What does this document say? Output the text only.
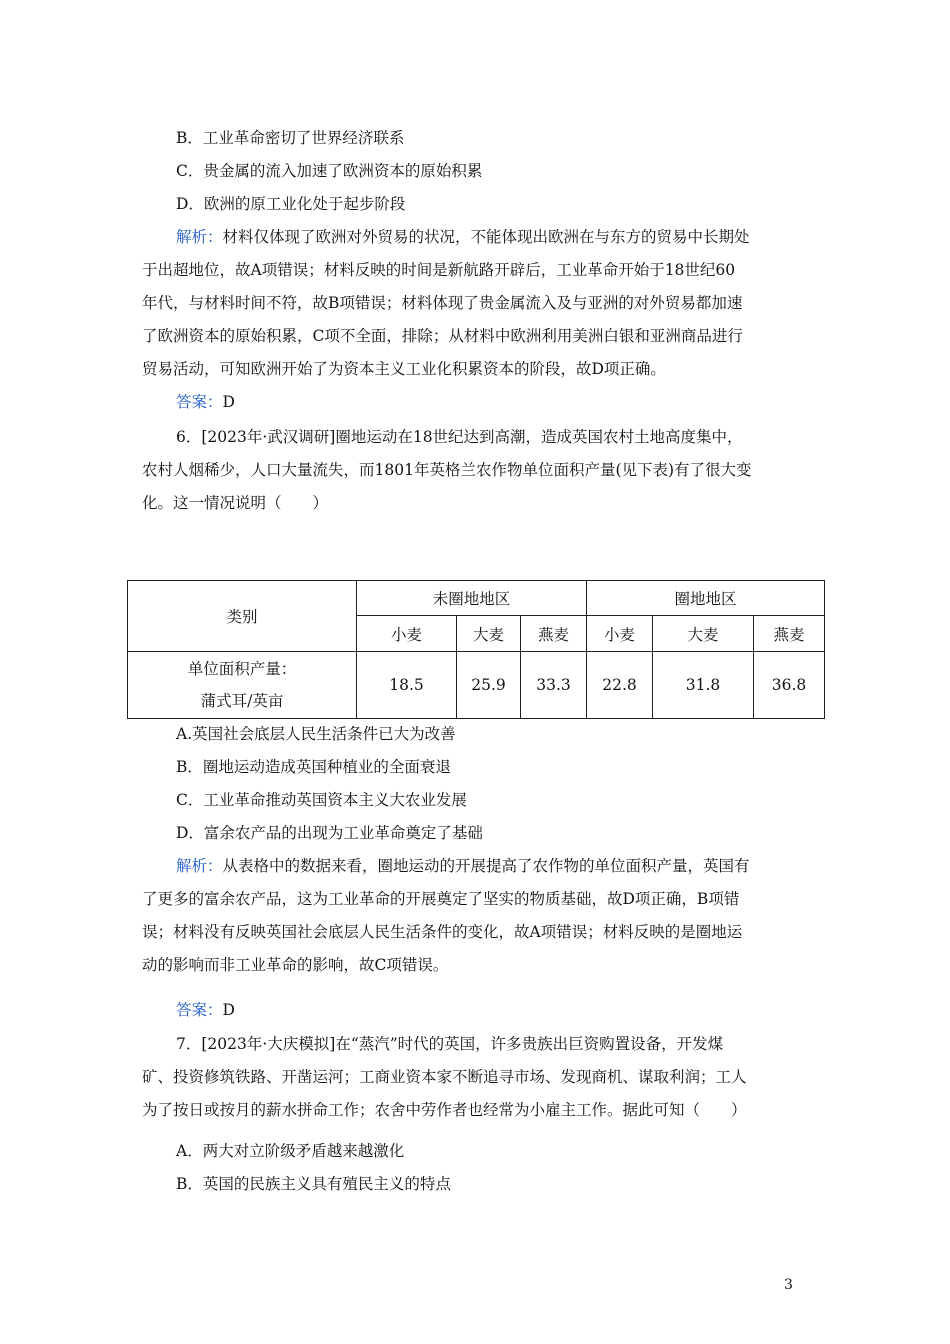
B．工业革命密切了世界经济联系
C．贵金属的流入加速了欧洲资本的原始积累
D．欧洲的原工业化处于起步阶段
解析：材料仅体现了欧洲对外贸易的状况，不能体现出欧洲在与东方的贸易中长期处
于出超地位，故A项错误；材料反映的时间是新航路开辟后，工业革命开始于18世纪60
年代，与材料时间不符，故B项错误；材料体现了贵金属流入及与亚洲的对外贸易都加速
了欧洲资本的原始积累，C项不全面，排除；从材料中欧洲利用美洲白银和亚洲商品进行
贸易活动，可知欧洲开始了为资本主义工业化积累资本的阶段，故D项正确。
答案：D
6．[2023年·武汉调研]圈地运动在18世纪达到高潮，造成英国农村土地高度集中，
农村人烟稀少，人口大量流失，而1801年英格兰农作物单位面积产量(见下表)有了很大变
化。这一情况说明（　　）
类别	未圈地地区			圈地地区		
	小麦	大麦	燕麦	小麦	大麦	燕麦

单位面积产量：
蒲式耳/英亩	18.5	25.9	33.3	22.8	31.8	36.8
A.英国社会底层人民生活条件已大为改善
B．圈地运动造成英国种植业的全面衰退
C．工业革命推动英国资本主义大农业发展
D．富余农产品的出现为工业革命奠定了基础
解析：从表格中的数据来看，圈地运动的开展提高了农作物的单位面积产量，英国有
了更多的富余农产品，这为工业革命的开展奠定了坚实的物质基础，故D项正确，B项错
误；材料没有反映英国社会底层人民生活条件的变化，故A项错误；材料反映的是圈地运
动的影响而非工业革命的影响，故C项错误。
答案：D
7．[2023年·大庆模拟]在“蒸汽”时代的英国，许多贵族出巨资购置设备，开发煤
矿、投资修筑铁路、开凿运河；工商业资本家不断追寻市场、发现商机、谋取利润；工人
为了按日或按月的薪水拼命工作；农舍中劳作者也经常为小雇主工作。据此可知（　　）
A．两大对立阶级矛盾越来越激化
B．英国的民族主义具有殖民主义的特点
3
